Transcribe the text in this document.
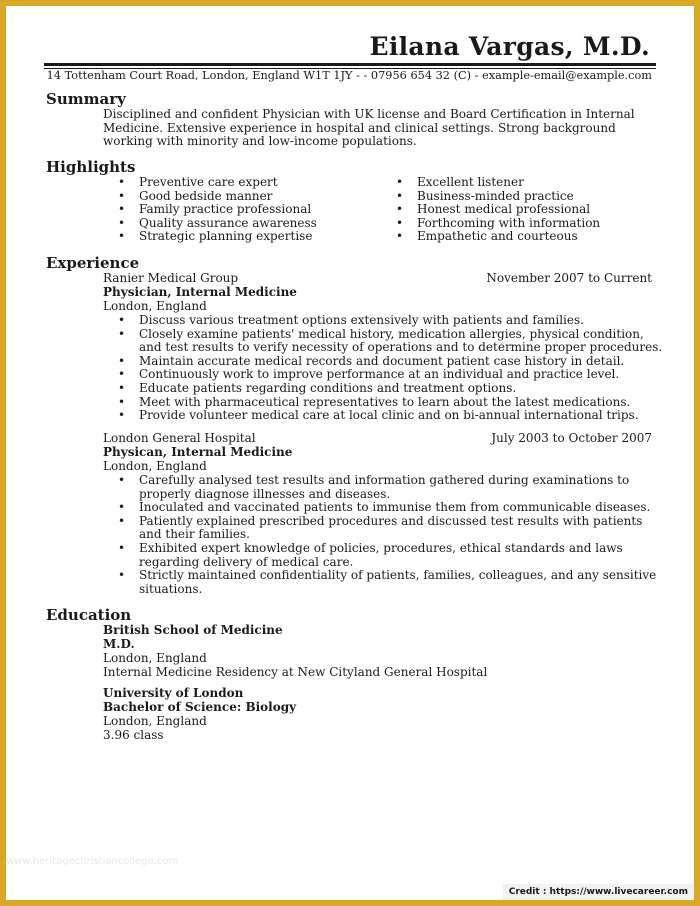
Eilana Vargas, M.D.
14 Tottenham Court Road, London, England W1T 1JY - - 07956 654 32 (C) - example-email@example.com
Summary
Disciplined and confident Physician with UK license and Board Certification in Internal Medicine. Extensive experience in hospital and clinical settings. Strong background working with minority and low-income populations.
Highlights
• Preventive care expert
• Good bedside manner
• Family practice professional
• Quality assurance awareness
• Strategic planning expertise
• Excellent listener
• Business-minded practice
• Honest medical professional
• Forthcoming with information
• Empathetic and courteous
Experience
Ranier Medical Group	November 2007 to Current
Physician, Internal Medicine
London, England
• Discuss various treatment options extensively with patients and families.
• Closely examine patients' medical history, medication allergies, physical condition, and test results to verify necessity of operations and to determine proper procedures.
• Maintain accurate medical records and document patient case history in detail.
• Continuously work to improve performance at an individual and practice level.
• Educate patients regarding conditions and treatment options.
• Meet with pharmaceutical representatives to learn about the latest medications.
• Provide volunteer medical care at local clinic and on bi-annual international trips.
London General Hospital	July 2003 to October 2007
Physican, Internal Medicine
London, England
• Carefully analysed test results and information gathered during examinations to properly diagnose illnesses and diseases.
• Inoculated and vaccinated patients to immunise them from communicable diseases.
• Patiently explained prescribed procedures and discussed test results with patients and their families.
• Exhibited expert knowledge of policies, procedures, ethical standards and laws regarding delivery of medical care.
• Strictly maintained confidentiality of patients, families, colleagues, and any sensitive situations.
Education
British School of Medicine
M.D.
London, England
Internal Medicine Residency at New Cityland General Hospital
University of London
Bachelor of Science: Biology
London, England
3.96 class
www.heritagechristiancollege.com
Credit : https://www.livecareer.com
